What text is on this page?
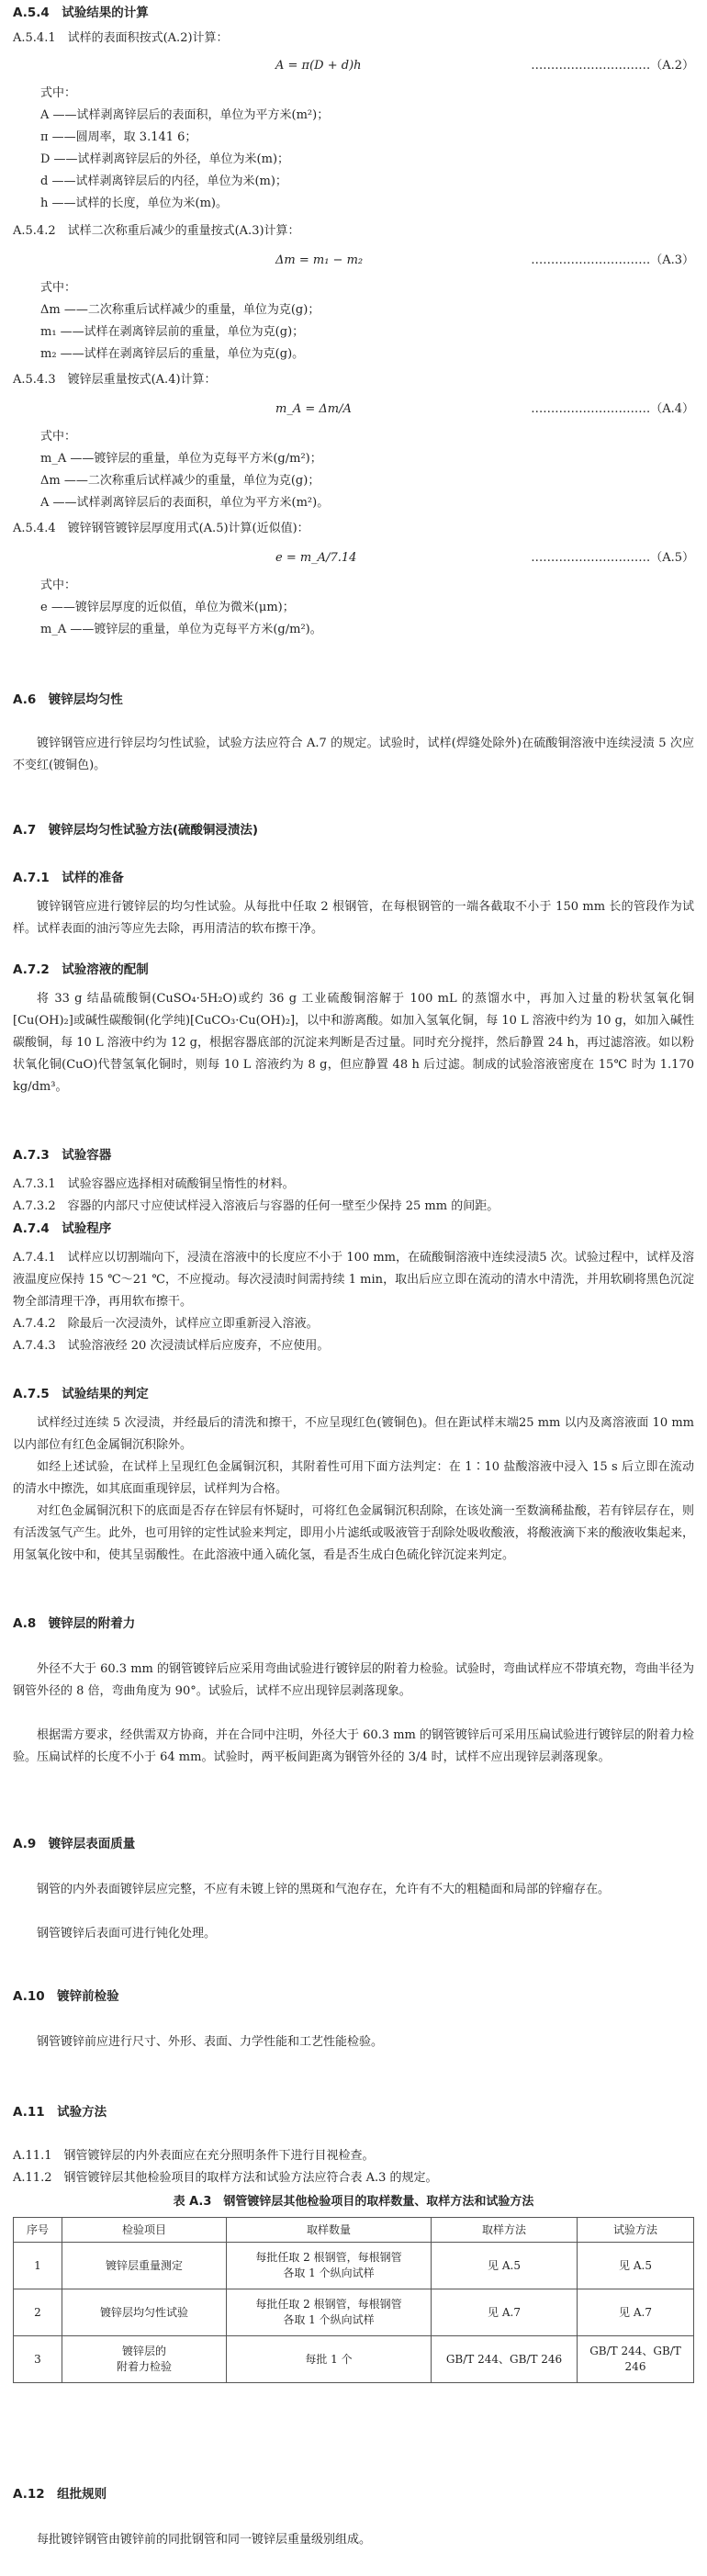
A.5.4　试验结果的计算
A.5.4.1　试样的表面积按式(A.2)计算：
A = π(D + d)h	…………………………（A.2）
式中：
A ——试样剥离锌层后的表面积，单位为平方米(m²)；
π ——圆周率，取 3.141 6；
D ——试样剥离锌层后的外径，单位为米(m)；
d ——试样剥离锌层后的内径，单位为米(m)；
h ——试样的长度，单位为米(m)。
A.5.4.2　试样二次称重后减少的重量按式(A.3)计算：
Δm = m₁ − m₂	…………………………（A.3）
式中：
Δm ——二次称重后试样减少的重量，单位为克(g)；
m₁ ——试样在剥离锌层前的重量，单位为克(g)；
m₂ ——试样在剥离锌层后的重量，单位为克(g)。
A.5.4.3　镀锌层重量按式(A.4)计算：
m_A = Δm/A	…………………………（A.4）
式中：
m_A ——镀锌层的重量，单位为克每平方米(g/m²)；
Δm ——二次称重后试样减少的重量，单位为克(g)；
A ——试样剥离锌层后的表面积，单位为平方米(m²)。
A.5.4.4　镀锌钢管镀锌层厚度用式(A.5)计算(近似值)：
e = m_A/7.14	…………………………（A.5）
式中：
e ——镀锌层厚度的近似值，单位为微米(μm)；
m_A ——镀锌层的重量，单位为克每平方米(g/m²)。
A.6　镀锌层均匀性
镀锌钢管应进行锌层均匀性试验，试验方法应符合 A.7 的规定。试验时，试样(焊缝处除外)在硫酸铜溶液中连续浸渍 5 次应不变红(镀铜色)。
A.7　镀锌层均匀性试验方法(硫酸铜浸渍法)
A.7.1　试样的准备
镀锌钢管应进行镀锌层的均匀性试验。从每批中任取 2 根钢管，在每根钢管的一端各截取不小于 150 mm 长的管段作为试样。试样表面的油污等应先去除，再用清洁的软布擦干净。
A.7.2　试验溶液的配制
将 33 g 结晶硫酸铜(CuSO₄·5H₂O)或约 36 g 工业硫酸铜溶解于 100 mL 的蒸馏水中，再加入过量的粉状氢氧化铜[Cu(OH)₂]或碱性碳酸铜(化学纯)[CuCO₃·Cu(OH)₂]，以中和游离酸。如加入氢氧化铜，每 10 L 溶液中约为 10 g，如加入碱性碳酸铜，每 10 L 溶液中约为 12 g，根据容器底部的沉淀来判断是否过量。同时充分搅拌，然后静置 24 h，再过滤溶液。如以粉状氧化铜(CuO)代替氢氧化铜时，则每 10 L 溶液约为 8 g，但应静置 48 h 后过滤。制成的试验溶液密度在 15℃ 时为 1.170 kg/dm³。
A.7.3　试验容器
A.7.3.1　试验容器应选择相对硫酸铜呈惰性的材料。
A.7.3.2　容器的内部尺寸应使试样浸入溶液后与容器的任何一壁至少保持 25 mm 的间距。
A.7.4　试验程序
A.7.4.1　试样应以切割端向下，浸渍在溶液中的长度应不小于 100 mm，在硫酸铜溶液中连续浸渍5 次。试验过程中，试样及溶液温度应保持 15 ℃～21 ℃，不应搅动。每次浸渍时间需持续 1 min，取出后应立即在流动的清水中清洗，并用软刷将黑色沉淀物全部清理干净，再用软布擦干。
A.7.4.2　除最后一次浸渍外，试样应立即重新浸入溶液。
A.7.4.3　试验溶液经 20 次浸渍试样后应废弃，不应使用。
A.7.5　试验结果的判定
试样经过连续 5 次浸渍，并经最后的清洗和擦干，不应呈现红色(镀铜色)。但在距试样末端25 mm 以内及离溶液面 10 mm 以内部位有红色金属铜沉积除外。
如经上述试验，在试样上呈现红色金属铜沉积，其附着性可用下面方法判定：在 1∶10 盐酸溶液中浸入 15 s 后立即在流动的清水中擦洗，如其底面重现锌层，试样判为合格。
对红色金属铜沉积下的底面是否存在锌层有怀疑时，可将红色金属铜沉积刮除，在该处滴一至数滴稀盐酸，若有锌层存在，则有活泼氢气产生。此外，也可用锌的定性试验来判定，即用小片滤纸或吸液管于刮除处吸收酸液，将酸液滴下来的酸液收集起来，用氢氧化铵中和，使其呈弱酸性。在此溶液中通入硫化氢，看是否生成白色硫化锌沉淀来判定。
A.8　镀锌层的附着力
外径不大于 60.3 mm 的钢管镀锌后应采用弯曲试验进行镀锌层的附着力检验。试验时，弯曲试样应不带填充物，弯曲半径为钢管外径的 8 倍，弯曲角度为 90°。试验后，试样不应出现锌层剥落现象。
根据需方要求，经供需双方协商，并在合同中注明，外径大于 60.3 mm 的钢管镀锌后可采用压扁试验进行镀锌层的附着力检验。压扁试样的长度不小于 64 mm。试验时，两平板间距离为钢管外径的 3/4 时，试样不应出现锌层剥落现象。
A.9　镀锌层表面质量
钢管的内外表面镀锌层应完整，不应有未镀上锌的黑斑和气泡存在，允许有不大的粗糙面和局部的锌瘤存在。
钢管镀锌后表面可进行钝化处理。
A.10　镀锌前检验
钢管镀锌前应进行尺寸、外形、表面、力学性能和工艺性能检验。
A.11　试验方法
A.11.1　钢管镀锌层的内外表面应在充分照明条件下进行目视检查。
A.11.2　钢管镀锌层其他检验项目的取样方法和试验方法应符合表 A.3 的规定。
表 A.3　钢管镀锌层其他检验项目的取样数量、取样方法和试验方法
序号	检验项目	取样数量	取样方法	试验方法
1	镀锌层重量测定	每批任取 2 根钢管，每根钢管
各取 1 个纵向试样	见 A.5	见 A.5
2	镀锌层均匀性试验	每批任取 2 根钢管，每根钢管
各取 1 个纵向试样	见 A.7	见 A.7
3	镀锌层的
附着力检验	每批 1 个	GB/T 244、GB/T 246	GB/T 244、GB/T 246
A.12　组批规则
每批镀锌钢管由镀锌前的同批钢管和同一镀锌层重量级别组成。
